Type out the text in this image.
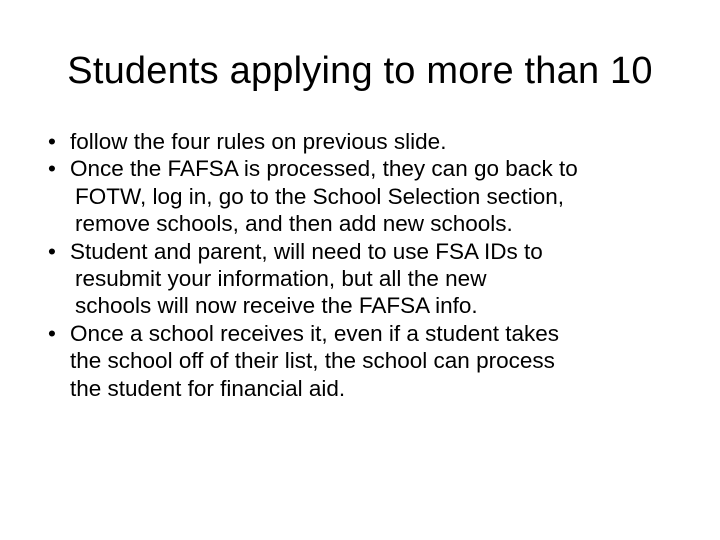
Students applying to more than 10
• follow the four rules on previous slide.
• Once the FAFSA is processed, they can go back to
FOTW, log in, go to the School Selection section,
remove schools, and then add new schools.
• Student and parent, will need to use FSA IDs to
resubmit your information, but all the new
schools will now receive the FAFSA info.
• Once a school receives it, even if a student takes
the school off of their list, the school can process
the student for financial aid.
